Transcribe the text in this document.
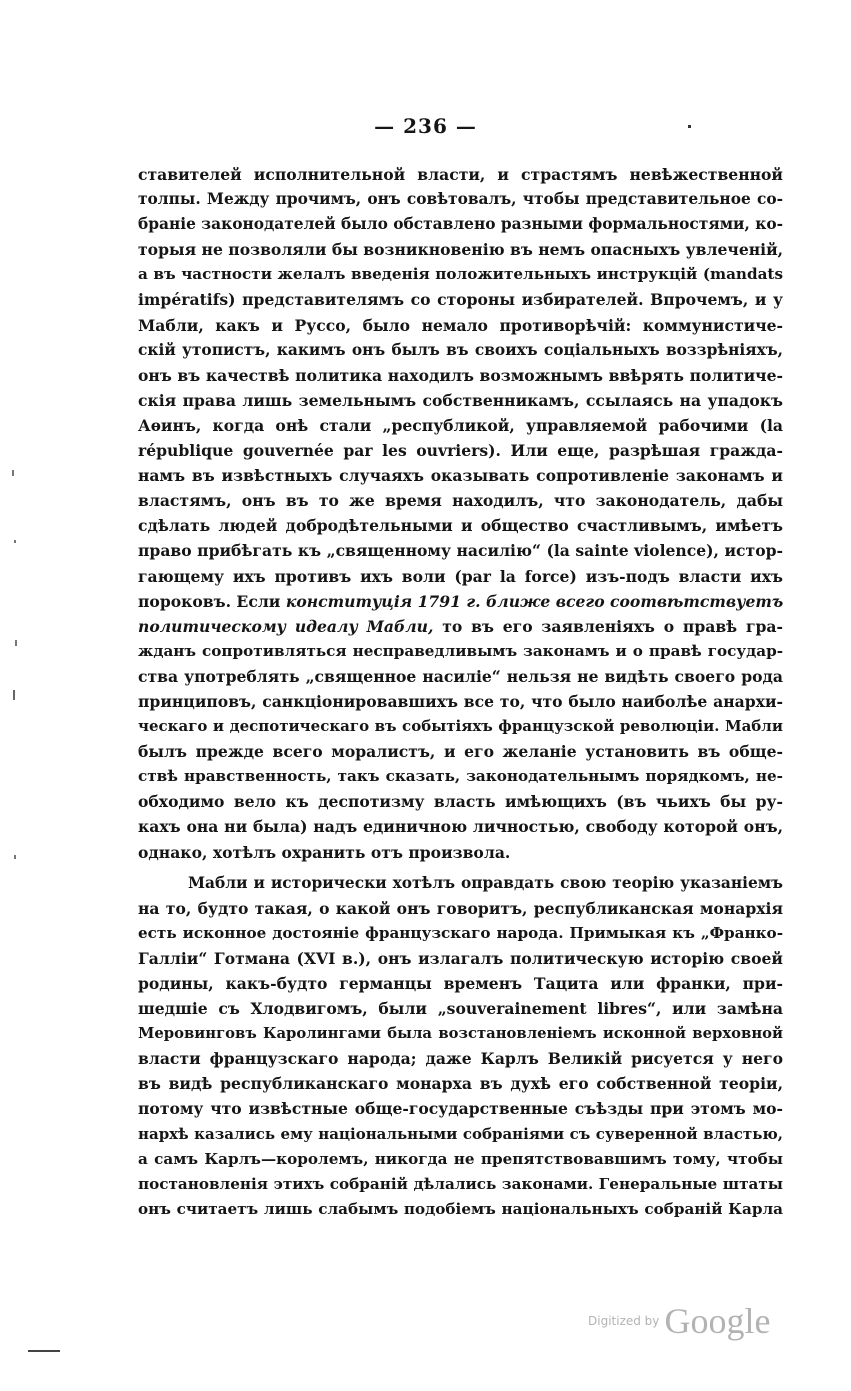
— 236 —
ставителей исполнительной власти, и страстямъ невѣжественной
толпы. Между прочимъ, онъ совѣтовалъ, чтобы представительное со-
браніе законодателей было обставлено разными формальностями, ко-
торыя не позволяли бы возникновенію въ немъ опасныхъ увлеченій,
а въ частности желалъ введенія положительныхъ инструкцій (mandats
impératifs) представителямъ со стороны избирателей. Впрочемъ, и у
Мабли, какъ и Руссо, было немало противорѣчій: коммунистиче-
скій утопистъ, какимъ онъ былъ въ своихъ соціальныхъ воззрѣніяхъ,
онъ въ качествѣ политика находилъ возможнымъ ввѣрять политиче-
скія права лишь земельнымъ собственникамъ, ссылаясь на упадокъ
Аѳинъ, когда онѣ стали „республикой, управляемой рабочими (la
république gouvernée par les ouvriers). Или еще, разрѣшая гражда-
намъ въ извѣстныхъ случаяхъ оказывать сопротивленіе законамъ и
властямъ, онъ въ то же время находилъ, что законодатель, дабы
сдѣлать людей добродѣтельными и общество счастливымъ, имѣетъ
право прибѣгать къ „священному насилію“ (la sainte violence), истор-
гающему ихъ противъ ихъ воли (par la force) изъ-подъ власти ихъ
пороковъ. Если конституція 1791 г. ближе всего соотвѣтствуетъ
политическому идеалу Мабли, то въ его заявленіяхъ о правѣ гра-
жданъ сопротивляться несправедливымъ законамъ и о правѣ государ-
ства употреблять „священное насиліе“ нельзя не видѣть своего рода
принциповъ, санкціонировавшихъ все то, что было наиболѣе анархи-
ческаго и деспотическаго въ событіяхъ французской революціи. Мабли
былъ прежде всего моралистъ, и его желаніе установить въ обще-
ствѣ нравственность, такъ сказать, законодательнымъ порядкомъ, не-
обходимо вело къ деспотизму власть имѣющихъ (въ чьихъ бы ру-
кахъ она ни была) надъ единичною личностью, свободу которой онъ,
однако, хотѣлъ охранить отъ произвола.
Мабли и исторически хотѣлъ оправдать свою теорію указаніемъ
на то, будто такая, о какой онъ говоритъ, республиканская монархія
есть исконное достояніе французскаго народа. Примыкая къ „Франко-
Галліи“ Готмана (XVI в.), онъ излагалъ политическую исторію своей
родины, какъ-будто германцы временъ Тацита или франки, при-
шедшіе съ Хлодвигомъ, были „souverainement libres“, или замѣна
Меровинговъ Каролингами была возстановленіемъ исконной верховной
власти французскаго народа; даже Карлъ Великій рисуется у него
въ видѣ республиканскаго монарха въ духѣ его собственной теоріи,
потому что извѣстные обще-государственные съѣзды при этомъ мо-
нархѣ казались ему національными собраніями съ суверенной властью,
а самъ Карлъ—королемъ, никогда не препятствовавшимъ тому, чтобы
постановленія этихъ собраній дѣлались законами. Генеральные штаты
онъ считаетъ лишь слабымъ подобіемъ національныхъ собраній Карла
Digitized by Google
